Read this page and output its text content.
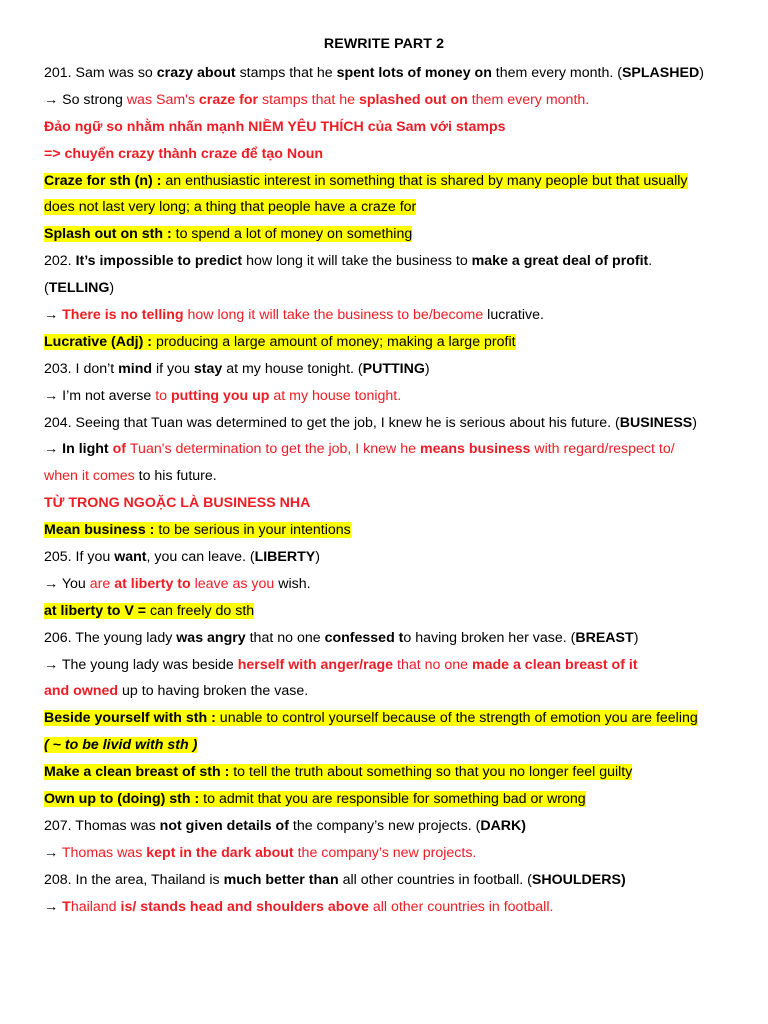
REWRITE PART 2
201. Sam was so crazy about stamps that he spent lots of money on them every month. (SPLASHED)
→ So strong was Sam's craze for stamps that he splashed out on them every month.
Đảo ngữ so nhằm nhấn mạnh NIỀM YÊU THÍCH của Sam với stamps
=> chuyển crazy thành craze để tạo Noun
Craze for sth (n) : an enthusiastic interest in something that is shared by many people but that usually
does not last very long; a thing that people have a craze for
Splash out on sth : to spend a lot of money on something
202. It’s impossible to predict how long it will take the business to make a great deal of profit.
(TELLING)
→ There is no telling how long it will take the business to be/become lucrative.
Lucrative (Adj) : producing a large amount of money; making a large profit
203. I don’t mind if you stay at my house tonight. (PUTTING)
→ I’m not averse to putting you up at my house tonight.
204. Seeing that Tuan was determined to get the job, I knew he is serious about his future. (BUSINESS)
→ In light of Tuan's determination to get the job, I knew he means business with regard/respect to/
when it comes to his future.
TỪ TRONG NGOẶC LÀ BUSINESS NHA
Mean business : to be serious in your intentions
205. If you want, you can leave. (LIBERTY)
→ You are at liberty to leave as you wish.
at liberty to V = can freely do sth
206. The young lady was angry that no one confessed to having broken her vase. (BREAST)
→ The young lady was beside herself with anger/rage that no one made a clean breast of it
and owned up to having broken the vase.
Beside yourself with sth : unable to control yourself because of the strength of emotion you are feeling
( ~ to be livid with sth )
Make a clean breast of sth : to tell the truth about something so that you no longer feel guilty
Own up to (doing) sth : to admit that you are responsible for something bad or wrong
207. Thomas was not given details of the company’s new projects. (DARK)
→ Thomas was kept in the dark about the company’s new projects.
208. In the area, Thailand is much better than all other countries in football. (SHOULDERS)
→ Thailand is/ stands head and shoulders above all other countries in football.
